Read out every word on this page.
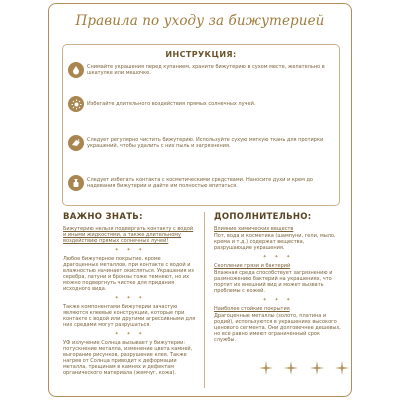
Правила по уходу за бижутерией
ИНСТРУКЦИЯ:
Снимайте украшения перед купанием, храните бижутерию в сухом месте, желательно в шкатулке или мешочке.
Избегайте длительного воздействия прямых солнечных лучей.
Следует регулярно чистить бижутерию. Используйте сухую мягкую ткань для протирки украшений, чтобы удалить с них пыль и загрязнения.
Следует избегать контакта с косметическими средствами. Наносите духи и крем до надевания бижутерии и дайте им полностью впитаться.
ВАЖНО ЗНАТЬ:	ДОПОЛНИТЕЛЬНО:

Бижутерию нельзя подвергать контакту с водой и иными жидкостями, а также длительному воздействию прямых солнечных лучей!

✦ ✦ ✦

Любое бижутерное покрытие, кроме драгоценных металлов, при контакте с водой и влажностью начинает окисляться. Украшения из серебра, латуни и бронзы тоже темнеют, но их можно подвергнуть чистке для придания исходного вида.

✦ ✦ ✦

Также компонентами бижутерии зачастую являются клеевые конструкции, которые при контакте с водой или другими агрессивными для них средами могут разрушаться.

✦ ✦ ✦

УФ излучение Солнца вызывает у бижутерии: потускнение металла, изменение цвета камней, выгорание рисунков, разрушение клея. Также нагрев от Солнца приводит к деформации металла, трещинам в камнях и дефектам органического материала (жемчуг, кожа).

Влияние химических веществ

Пот, вода и косметика (шампуни, гели, мыло, крема и т.д.) содержат вещества, разрушающие украшения.

✦ ✦ ✦

Скопление грязи и бактерий

Влажная среда способствует загрязнению и размножению бактерий на украшениях, что портит их внешний вид и может вызвать проблемы с кожей.

✦ ✦ ✦

Наиболее стойкие покрытия

Драгоценные металлы (золото, платина и родий), используются в украшениях высокого ценового сегмента. Они долговечнее дешевых, но все равно имеют ограниченный срок службы.
